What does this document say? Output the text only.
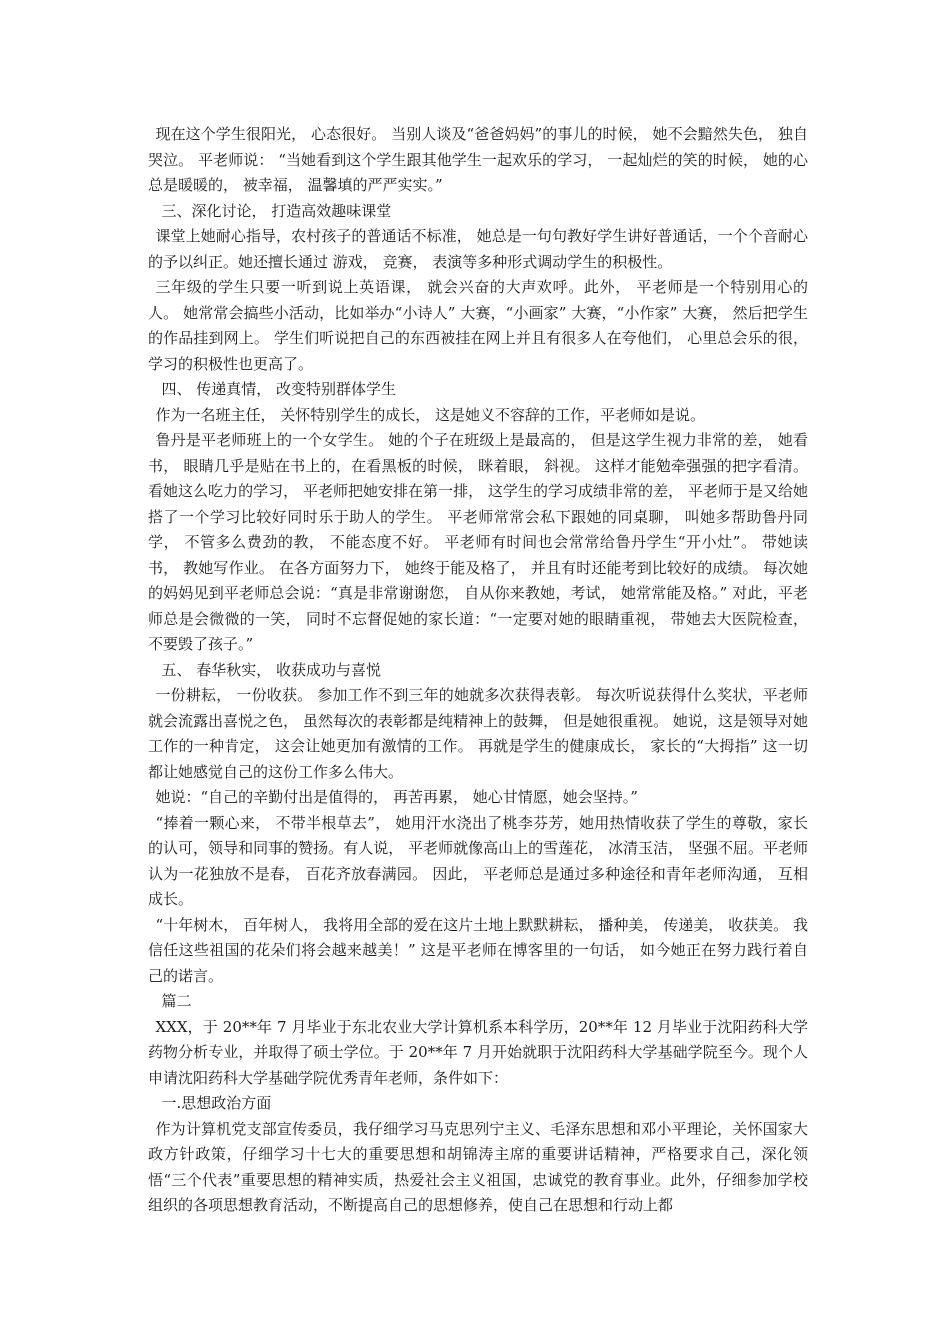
现在这个学生很阳光， 心态很好。 当别人谈及“爸爸妈妈”的事儿的时候， 她不会黯然失色， 独自哭泣。 平老师说： “当她看到这个学生跟其他学生一起欢乐的学习， 一起灿烂的笑的时候， 她的心总是暖暖的， 被幸福， 温馨填的严严实实。”

三、深化讨论， 打造高效趣味课堂

课堂上她耐心指导，农村孩子的普通话不标准， 她总是一句句教好学生讲好普通话，一个个音耐心的予以纠正。她还擅长通过 游戏， 竞赛， 表演等多种形式调动学生的积极性。

三年级的学生只要一听到说上英语课， 就会兴奋的大声欢呼。此外， 平老师是一个特别用心的人。 她常常会搞些小活动，比如举办“小诗人” 大赛，“小画家” 大赛，“小作家” 大赛， 然后把学生的作品挂到网上。 学生们听说把自己的东西被挂在网上并且有很多人在夸他们， 心里总会乐的很， 学习的积极性也更高了。

四、 传递真情， 改变特别群体学生

作为一名班主任， 关怀特别学生的成长， 这是她义不容辞的工作，平老师如是说。

鲁丹是平老师班上的一个女学生。 她的个子在班级上是最高的， 但是这学生视力非常的差， 她看书， 眼睛几乎是贴在书上的，在看黑板的时候， 眯着眼， 斜视。 这样才能勉牵强强的把字看清。看她这么吃力的学习， 平老师把她安排在第一排， 这学生的学习成绩非常的差， 平老师于是又给她搭了一个学习比较好同时乐于助人的学生。 平老师常常会私下跟她的同桌聊， 叫她多帮助鲁丹同学， 不管多么费劲的教， 不能态度不好。 平老师有时间也会常常给鲁丹学生“开小灶”。 带她读书， 教她写作业。 在各方面努力下， 她终于能及格了， 并且有时还能考到比较好的成绩。 每次她的妈妈见到平老师总会说：“真是非常谢谢您， 自从你来教她，考试， 她常常能及格。” 对此，平老师总是会微微的一笑， 同时不忘督促她的家长道：“一定要对她的眼睛重视， 带她去大医院检查，不要毁了孩子。”

五、 春华秋实， 收获成功与喜悦

一份耕耘， 一份收获。 参加工作不到三年的她就多次获得表彰。 每次听说获得什么奖状，平老师就会流露出喜悦之色， 虽然每次的表彰都是纯精神上的鼓舞， 但是她很重视。 她说，这是领导对她工作的一种肯定， 这会让她更加有激情的工作。 再就是学生的健康成长， 家长的“大拇指” 这一切都让她感觉自己的这份工作多么伟大。

她说：“自己的辛勤付出是值得的， 再苦再累， 她心甘情愿，她会坚持。”

“捧着一颗心来， 不带半根草去”， 她用汗水浇出了桃李芬芳，她用热情收获了学生的尊敬，家长的认可，领导和同事的赞扬。有人说， 平老师就像高山上的雪莲花， 冰清玉洁， 坚强不屈。平老师认为一花独放不是春， 百花齐放春满园。 因此， 平老师总是通过多种途径和青年老师沟通， 互相成长。

“十年树木， 百年树人， 我将用全部的爱在这片土地上默默耕耘， 播种美， 传递美， 收获美。 我信任这些祖国的花朵们将会越来越美！” 这是平老师在博客里的一句话， 如今她正在努力践行着自己的诺言。

篇二

XXX，于 20**年 7 月毕业于东北农业大学计算机系本科学历，20**年 12 月毕业于沈阳药科大学药物分析专业，并取得了硕士学位。于 20**年 7 月开始就职于沈阳药科大学基础学院至今。现个人申请沈阳药科大学基础学院优秀青年老师，条件如下：

一.思想政治方面

作为计算机党支部宣传委员，我仔细学习马克思列宁主义、毛泽东思想和邓小平理论，关怀国家大政方针政策，仔细学习十七大的重要思想和胡锦涛主席的重要讲话精神，严格要求自己，深化领悟“三个代表”重要思想的精神实质，热爱社会主义祖国，忠诚党的教育事业。此外，仔细参加学校组织的各项思想教育活动，不断提高自己的思想修养，使自己在思想和行动上都
